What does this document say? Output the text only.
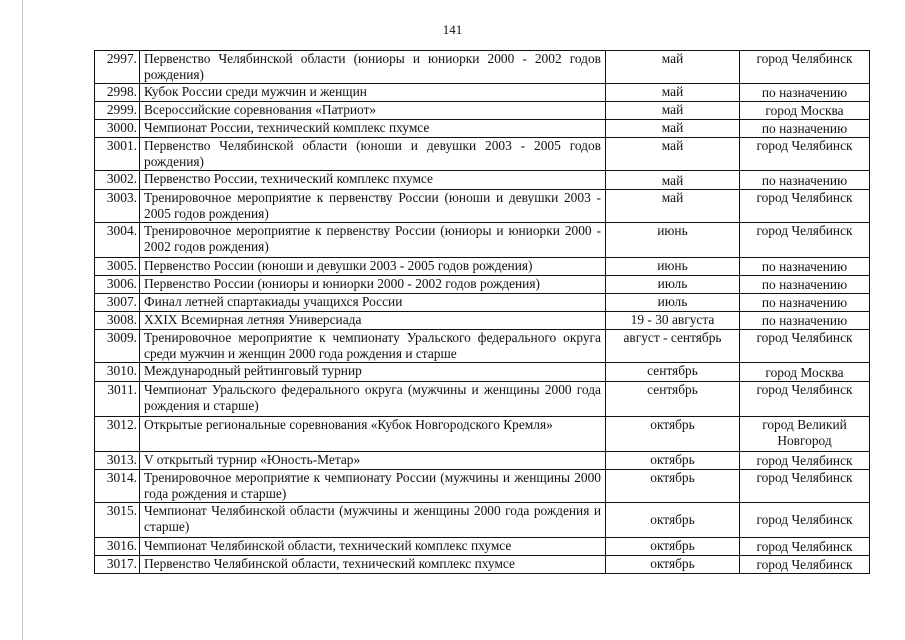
141
2997.	Первенство Челябинской области (юниоры и юниорки 2000 - 2002 годов рождения)	май	город Челябинск
2998.	Кубок России среди мужчин и женщин	май	по назначению
2999.	Всероссийские соревнования «Патриот»	май	город Москва
3000.	Чемпионат России, технический комплекс пхумсе	май	по назначению
3001.	Первенство Челябинской области (юноши и девушки 2003 - 2005 годов рождения)	май	город Челябинск
3002.	Первенство России, технический комплекс пхумсе	май	по назначению
3003.	Тренировочное мероприятие к первенству России (юноши и девушки 2003 - 2005 годов рождения)	май	город Челябинск
3004.	Тренировочное мероприятие к первенству России (юниоры и юниорки 2000 - 2002 годов рождения)	июнь	город Челябинск
3005.	Первенство России (юноши и девушки 2003 - 2005 годов рождения)	июнь	по назначению
3006.	Первенство России (юниоры и юниорки 2000 - 2002 годов рождения)	июль	по назначению
3007.	Финал летней спартакиады учащихся России	июль	по назначению
3008.	XXIX Всемирная летняя Универсиада	19 - 30 августа	по назначению
3009.	Тренировочное мероприятие к чемпионату Уральского федерального округа среди мужчин и женщин 2000 года рождения и старше	август - сентябрь	город Челябинск
3010.	Международный рейтинговый турнир	сентябрь	город Москва
3011.	Чемпионат Уральского федерального округа (мужчины и женщины 2000 года рождения и старше)	сентябрь	город Челябинск
3012.	Открытые региональные соревнования «Кубок Новгородского Кремля»	октябрь	город Великий Новгород
3013.	V открытый турнир «Юность-Метар»	октябрь	город Челябинск
3014.	Тренировочное мероприятие к чемпионату России (мужчины и женщины 2000 года рождения и старше)	октябрь	город Челябинск
3015.	Чемпионат Челябинской области (мужчины и женщины 2000 года рождения и старше)	октябрь	город Челябинск
3016.	Чемпионат Челябинской области, технический комплекс пхумсе	октябрь	город Челябинск
3017.	Первенство Челябинской области, технический комплекс пхумсе	октябрь	город Челябинск
